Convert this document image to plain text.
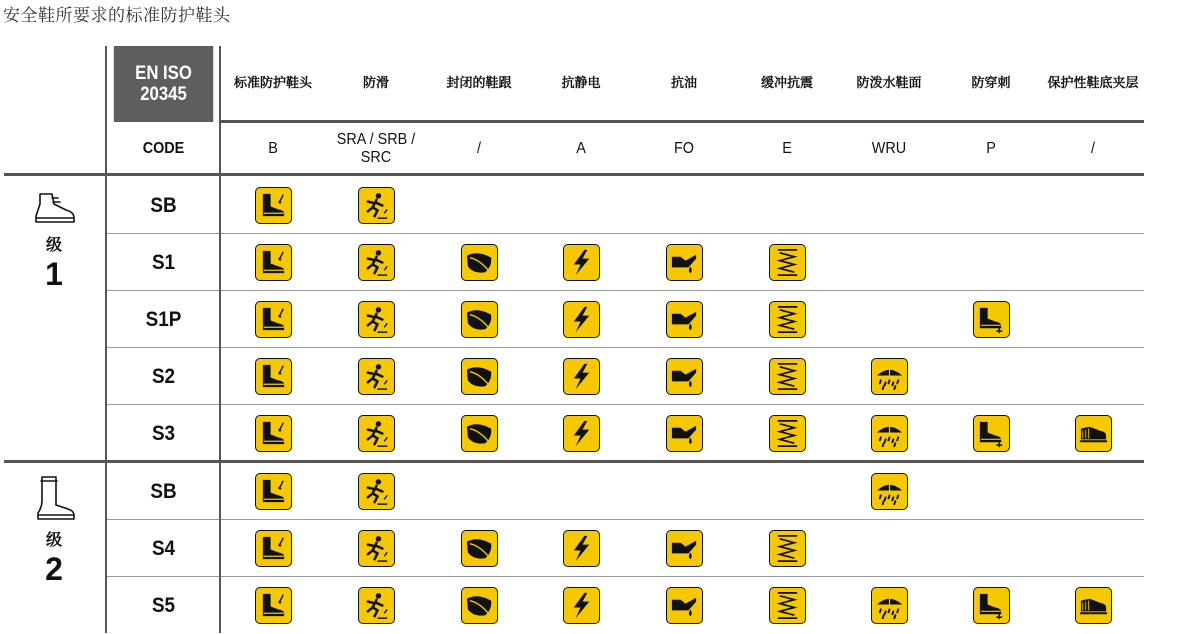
安全鞋所要求的标准防护鞋头
EN ISO
20345
CODE
标准防护鞋头
B
防滑
SRA / SRB / SRC
封闭的鞋跟
/
抗静电
A
抗油
FO
缓冲抗震
E
防泼水鞋面
WRU
防穿刺
P
保护性鞋底夹层
/
SB
S1
S1P
S2
S3
SB
S4
S5
级
1
级
2
